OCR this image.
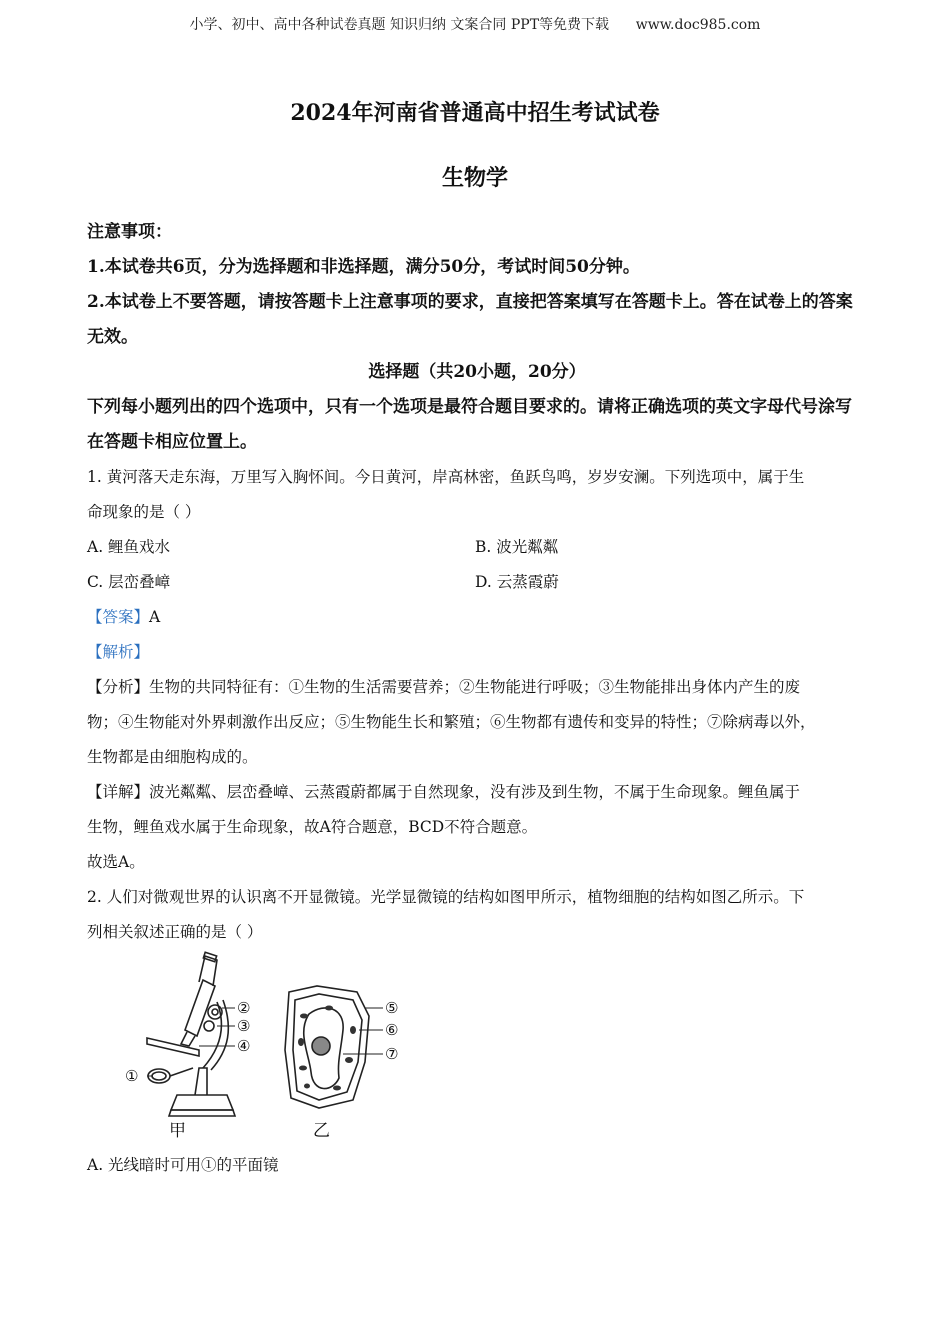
小学、初中、高中各种试卷真题 知识归纳 文案合同 PPT等免费下载 www.doc985.com
2024年河南省普通高中招生考试试卷
生物学

注意事项：

1.本试卷共6页，分为选择题和非选择题，满分50分，考试时间50分钟。

2.本试卷上不要答题，请按答题卡上注意事项的要求，直接把答案填写在答题卡上。答在试卷上的答案无效。

选择题（共20小题，20分）

下列每小题列出的四个选项中，只有一个选项是最符合题目要求的。请将正确选项的英文字母代号涂写在答题卡相应位置上。

1. 黄河落天走东海，万里写入胸怀间。今日黄河，岸高林密，鱼跃鸟鸣，岁岁安澜。下列选项中，属于生

命现象的是（ ）

A. 鲤鱼戏水	B. 波光粼粼
C. 层峦叠嶂	D. 云蒸霞蔚

【答案】A

【解析】

【分析】生物的共同特征有：①生物的生活需要营养；②生物能进行呼吸；③生物能排出身体内产生的废

物；④生物能对外界刺激作出反应；⑤生物能生长和繁殖；⑥生物都有遗传和变异的特性；⑦除病毒以外，

生物都是由细胞构成的。

【详解】波光粼粼、层峦叠嶂、云蒸霞蔚都属于自然现象，没有涉及到生物，不属于生命现象。鲤鱼属于

生物，鲤鱼戏水属于生命现象，故A符合题意，BCD不符合题意。

故选A。

2. 人们对微观世界的认识离不开显微镜。光学显微镜的结构如图甲所示，植物细胞的结构如图乙所示。下

列相关叙述正确的是（ ）

①
②
③
④
⑤
⑥
⑦
甲	乙

A. 光线暗时可用①的平面镜
